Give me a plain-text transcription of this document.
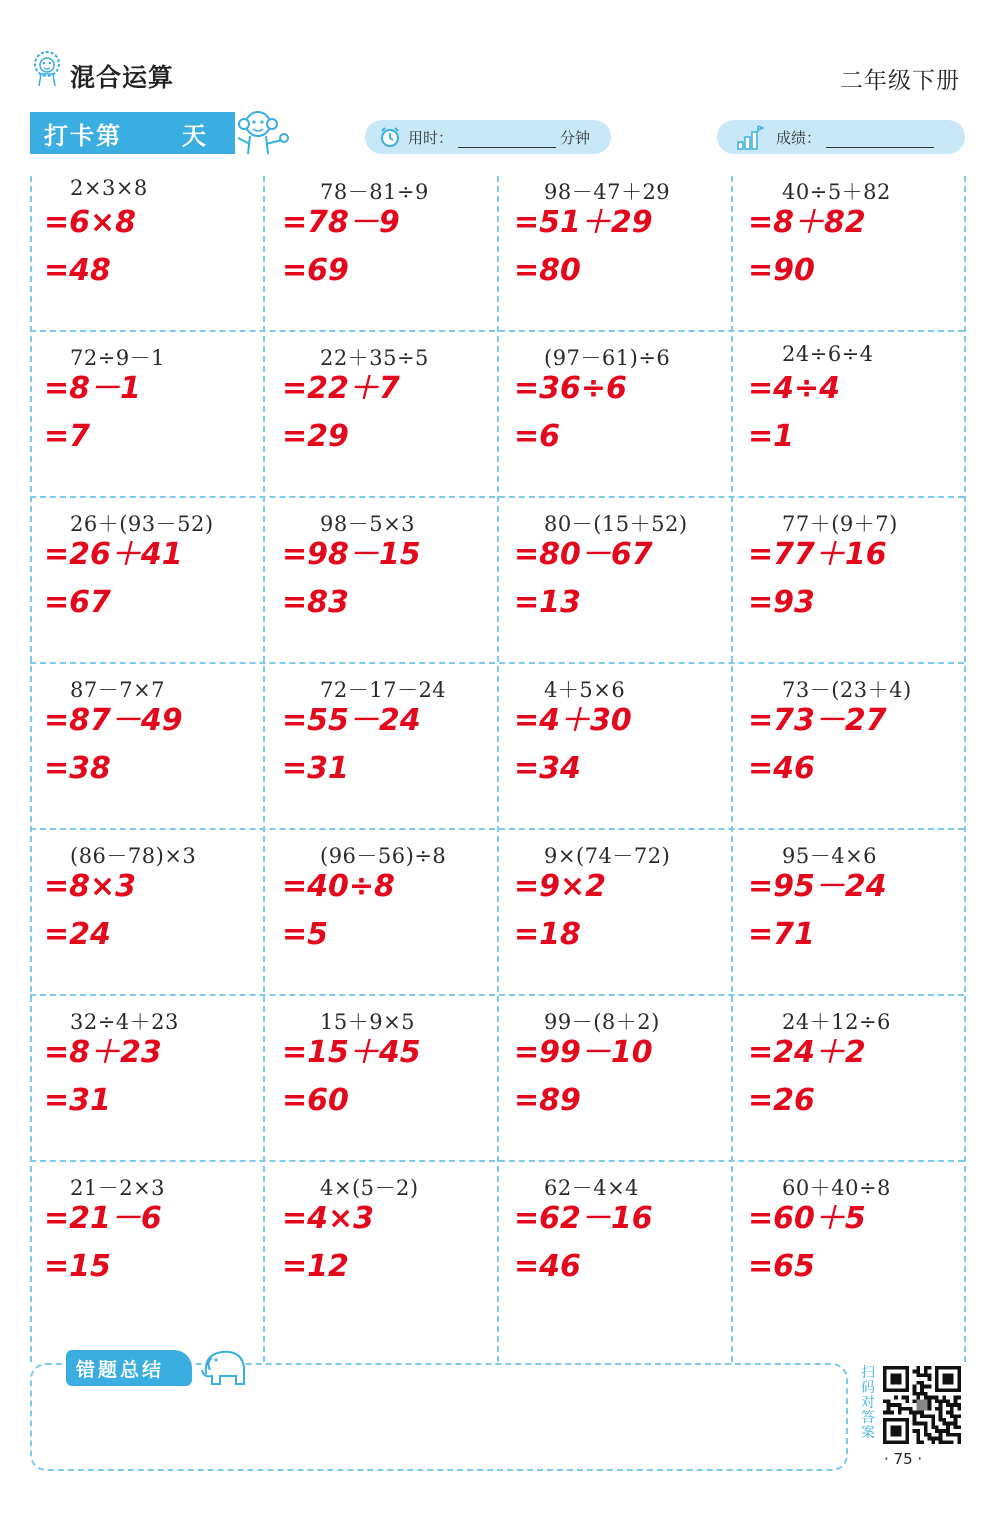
混合运算	二年级下册
打卡第	天	用时：	分钟	成绩：
2×3×8
=6×8
=48
78－81÷9
=78－9
=69
98－47＋29
=51＋29
=80
40÷5＋82
=8＋82
=90
72÷9－1
=8－1
=7
22＋35÷5
=22＋7
=29
(97－61)÷6
=36÷6
=6
24÷6÷4
=4÷4
=1
26＋(93－52)
=26＋41
=67
98－5×3
=98－15
=83
80－(15＋52)
=80－67
=13
77＋(9＋7)
=77＋16
=93
87－7×7
=87－49
=38
72－17－24
=55－24
=31
4＋5×6
=4＋30
=34
73－(23＋4)
=73－27
=46
(86－78)×3
=8×3
=24
(96－56)÷8
=40÷8
=5
9×(74－72)
=9×2
=18
95－4×6
=95－24
=71
32÷4＋23
=8＋23
=31
15＋9×5
=15＋45
=60
99－(8＋2)
=99－10
=89
24＋12÷6
=24＋2
=26
21－2×3
=21－6
=15
4×(5－2)
=4×3
=12
62－4×4
=62－16
=46
60＋40÷8
=60＋5
=65
错题总结	扫码对答案
· 75 ·
